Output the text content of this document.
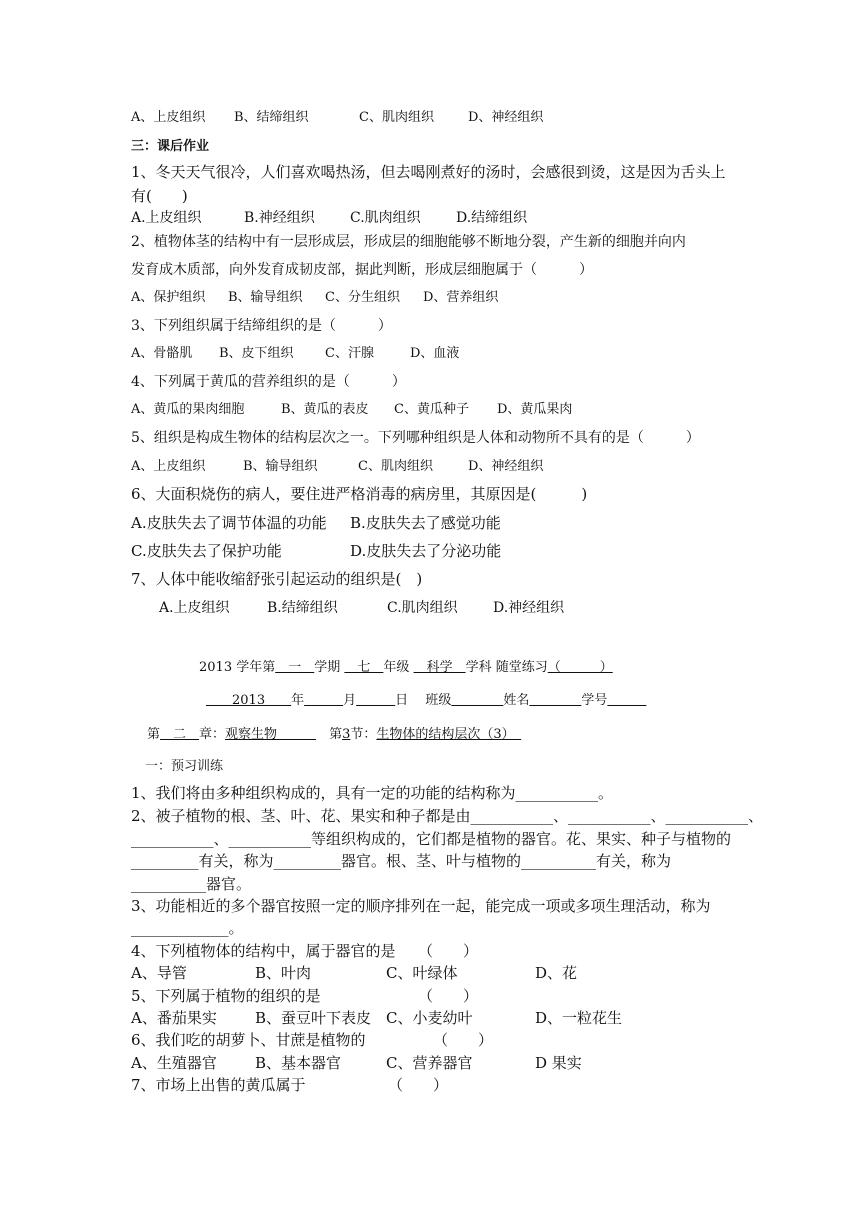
A、上皮组织

B、结缔组织

	C、肌肉组织

	D、神经组织

三：课后作业
1、冬天天气很冷，人们喜欢喝热汤，但去喝刚煮好的汤时，会感很到烫，这是因为舌头上
有(　　)

A.上皮组织

	B.神经组织

	C.肌肉组织

	D.结缔组织

2、植物体茎的结构中有一层形成层，形成层的细胞能够不断地分裂，产生新的细胞并向内
发育成木质部，向外发育成韧皮部，据此判断，形成层细胞属于（　　　）

A、保护组织

B、输导组织

C、分生组织

D、营养组织

3、下列组织属于结缔组织的是（　　　）

A、骨骼肌

B、皮下组织

C、汗腺

	D、血液

4、下列属于黄瓜的营养组织的是（　　　）

A、黄瓜的果肉细胞

	B、黄瓜的表皮

C、黄瓜种子

D、黄瓜果肉

5、组织是构成生物体的结构层次之一。下列哪种组织是人体和动物所不具有的是（　　　）

A、上皮组织

	B、输导组织

	C、肌肉组织

	D、神经组织

6、大面积烧伤的病人，要住进严格消毒的病房里，其原因是(　　　)

A.皮肤失去了调节体温的功能

B.皮肤失去了感觉功能

C.皮肤失去了保护功能

	D.皮肤失去了分泌功能

7、人体中能收缩舒张引起运动的组织是(　)

A.上皮组织

	B.结缔组织

	C.肌肉组织

	D.神经组织

2013 学年第　一　学期 　七　年级 　科学　学科 随堂练习（　　　）
　　2013　　年　　　	月　　　	日　 班级　　　　	姓名　　　　	学号　　　
第　二　章：观察生物　　　　第3节：生物体的结构层次（3）　
一：预习训练
1、我们将由多种组织构成的，具有一定的功能的结构称为___________。
2、被子植物的根、茎、叶、花、果实和种子都是由___________、___________、___________、
___________、___________等组织构成的，它们都是植物的器官。花、果实、种子与植物的
_________有关，称为_________器官。根、茎、叶与植物的__________有关，称为
__________器官。
3、功能相近的多个器官按照一定的顺序排列在一起，能完成一项或多项生理活动，称为
_____________。
4、下列植物体的结构中，属于器官的是　　（　　）

A、导管

	B、叶肉

	C、叶绿体

	D、花

5、下列属于植物的组织的是　　　　　　　（　　）

A、番茄果实

	B、蚕豆叶下表皮

C、小麦幼叶

	D、一粒花生

6、我们吃的胡萝卜、甘蔗是植物的　　　　　（　　）

A、生殖器官

	B、基本器官

	C、营养器官

	D 果实

7、市场上出售的黄瓜属于　　　　　　（　　）
